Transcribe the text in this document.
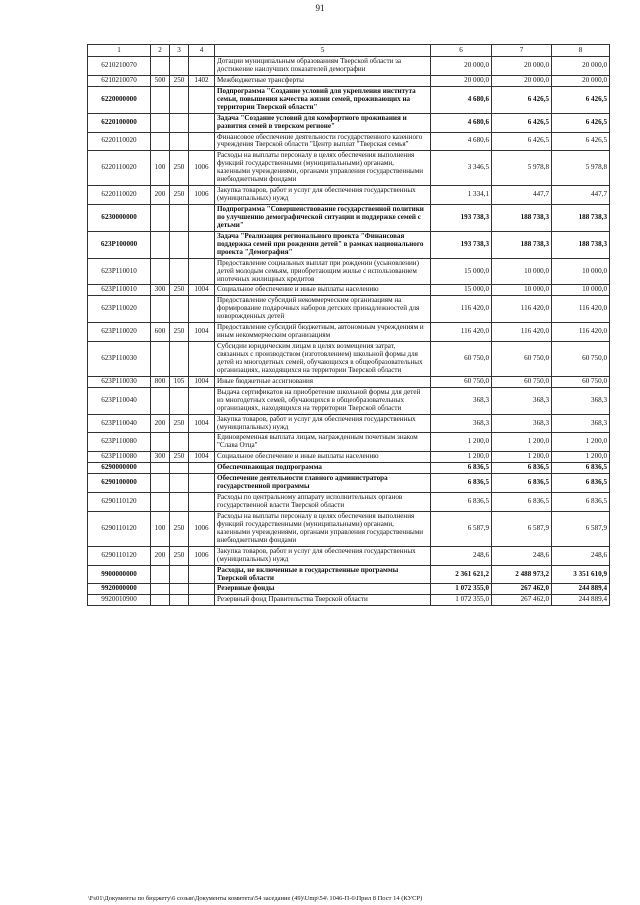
91
1	2	3	4	5	6	7	8
6210210070				Дотации муниципальным образованиям Тверской области за достижение наилучших показателей демографии	20 000,0	20 000,0	20 000,0
6210210070	500	250	1402	Межбюджетные трансферты	20 000,0	20 000,0	20 000,0
6220000000				Подпрограмма "Создание условий для укрепления института семьи, повышения качества жизни семей, проживающих на территории Тверской области"	4 680,6	6 426,5	6 426,5
6220100000				Задача "Создание условий для комфортного проживания и развития семей в тверском регионе"	4 680,6	6 426,5	6 426,5
6220110020				Финансовое обеспечение деятельности государственного казенного учреждения Тверской области "Центр выплат "Тверская семья"	4 680,6	6 426,5	6 426,5
6220110020	100	250	1006	Расходы на выплаты персоналу в целях обеспечения выполнения функций государственными (муниципальными) органами, казенными учреждениями, органами управления государственными внебюджетными фондами	3 346,5	5 978,8	5 978,8
6220110020	200	250	1006	Закупка товаров, работ и услуг для обеспечения государственных (муниципальных) нужд	1 334,1	447,7	447,7
6230000000				Подпрограмма "Совершенствование государственной политики по улучшению демографической ситуации и поддержке семей с детьми"	193 738,3	188 738,3	188 738,3
623P100000				Задача "Реализация регионального проекта "Финансовая поддержка семей при рождении детей" в рамках национального проекта "Демография"	193 738,3	188 738,3	188 738,3
623P110010				Предоставление социальных выплат при рождении (усыновлении) детей молодым семьям, приобретающим жилье с использованием ипотечных жилищных кредитов	15 000,0	10 000,0	10 000,0
623P110010	300	250	1004	Социальное обеспечение и иные выплаты населению	15 000,0	10 000,0	10 000,0
623P110020				Предоставление субсидий некоммерческим организациям на формирование подарочных наборов детских принадлежностей для новорожденных детей	116 420,0	116 420,0	116 420,0
623P110020	600	250	1004	Предоставление субсидий бюджетным, автономным учреждениям и иным некоммерческим организациям	116 420,0	116 420,0	116 420,0
623P110030				Субсидии юридическим лицам в целях возмещения затрат, связанных с производством (изготовлением) школьной формы для детей из многодетных семей, обучающихся в общеобразовательных организациях, находящихся на территории Тверской области	60 750,0	60 750,0	60 750,0
623P110030	800	105	1004	Иные бюджетные ассигнования	60 750,0	60 750,0	60 750,0
623P110040				Выдача сертификатов на приобретение школьной формы для детей из многодетных семей, обучающихся в общеобразовательных организациях, находящихся на территории Тверской области	368,3	368,3	368,3
623P110040	200	250	1004	Закупка товаров, работ и услуг для обеспечения государственных (муниципальных) нужд	368,3	368,3	368,3
623P110080				Единовременная выплата лицам, награжденным почетным знаком "Слава Отца"	1 200,0	1 200,0	1 200,0
623P110080	300	250	1004	Социальное обеспечение и иные выплаты населению	1 200,0	1 200,0	1 200,0
6290000000				Обеспечивающая подпрограмма	6 836,5	6 836,5	6 836,5
6290100000				Обеспечение деятельности главного администратора государственной программы	6 836,5	6 836,5	6 836,5
6290110120				Расходы по центральному аппарату исполнительных органов государственной власти Тверской области	6 836,5	6 836,5	6 836,5
6290110120	100	250	1006	Расходы на выплаты персоналу в целях обеспечения выполнения функций государственными (муниципальными) органами, казенными учреждениями, органами управления государственными внебюджетными фондами	6 587,9	6 587,9	6 587,9
6290110120	200	250	1006	Закупка товаров, работ и услуг для обеспечения государственных (муниципальных) нужд	248,6	248,6	248,6
9900000000				Расходы, не включенные в государственные программы Тверской области	2 361 621,2	2 488 973,2	3 351 610,9
9920000000				Резервные фонды	1 072 355,0	267 462,0	244 889,4
9920010900				Резервный фонд Правительства Тверской области	1 072 355,0	267 462,0	244 889,4
\Fs01\Документы по бюджету\6 созыв\Документы комитета\54 заседание (49)\Ump\54\ 1046-П-6\Прил 8 Пост 14 (КУСР)
